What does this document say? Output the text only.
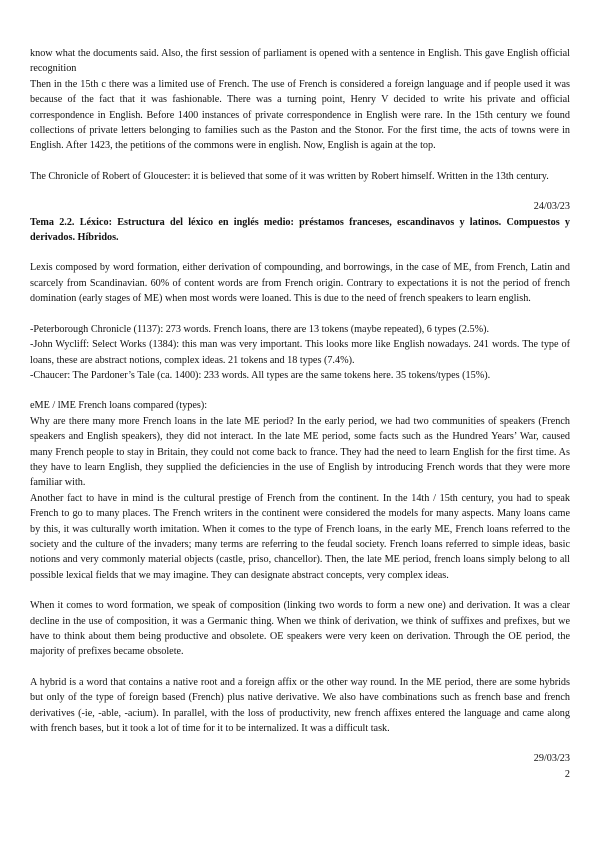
know what the documents said. Also, the first session of parliament is opened with a sentence in English. This gave English official recognition

Then in the 15th c there was a limited use of French. The use of French is considered a foreign language and if people used it was because of the fact that it was fashionable. There was a turning point, Henry V decided to write his private and official correspondence in English. Before 1400 instances of private correspondence in English were rare. In the 15th century we found collections of private letters belonging to families such as the Paston and the Stonor. For the first time, the acts of towns were in English. After 1423, the petitions of the commons were in english. Now, English is again at the top.

The Chronicle of Robert of Gloucester: it is believed that some of it was written by Robert himself. Written in the 13th century.

24/03/23

Tema 2.2. Léxico: Estructura del léxico en inglés medio: préstamos franceses, escandinavos y latinos. Compuestos y derivados. Híbridos.

Lexis composed by word formation, either derivation of compounding, and borrowings, in the case of ME, from French, Latin and scarcely from Scandinavian. 60% of content words are from French origin. Contrary to expectations it is not the period of french domination (early stages of ME) when most words were loaned. This is due to the need of french speakers to learn english.

-Peterborough Chronicle (1137): 273 words. French loans, there are 13 tokens (maybe repeated), 6 types (2.5%).

-John Wycliff: Select Works (1384): this man was very important. This looks more like English nowadays. 241 words. The type of loans, these are abstract notions, complex ideas. 21 tokens and 18 types (7.4%).

-Chaucer: The Pardoner’s Tale (ca. 1400): 233 words. All types are the same tokens here. 35 tokens/types (15%).

eME / lME French loans compared (types):

Why are there many more French loans in the late ME period? In the early period, we had two communities of speakers (French speakers and English speakers), they did not interact. In the late ME period, some facts such as the Hundred Years’ War, caused many French people to stay in Britain, they could not come back to france. They had the need to learn English for the first time. As they have to learn English, they supplied the deficiencies in the use of English by introducing French words that they were more familiar with.

Another fact to have in mind is the cultural prestige of French from the continent. In the 14th / 15th century, you had to speak French to go to many places. The French writers in the continent were considered the models for many aspects. Many loans came by this, it was culturally worth imitation. When it comes to the type of French loans, in the early ME, French loans referred to the society and the culture of the invaders; many terms are referring to the feudal society. French loans referred to simple ideas, basic notions and very commonly material objects (castle, priso, chancellor). Then, the late ME period, french loans simply belong to all possible lexical fields that we may imagine. They can designate abstract concepts, very complex ideas.

When it comes to word formation, we speak of composition (linking two words to form a new one) and derivation. It was a clear decline in the use of composition, it was a Germanic thing. When we think of derivation, we think of suffixes and prefixes, but we have to think about them being productive and obsolete. OE speakers were very keen on derivation. Through the OE period, the majority of prefixes became obsolete.

A hybrid is a word that contains a native root and a foreign affix or the other way round. In the ME period, there are some hybrids but only of the type of foreign based (French) plus native derivative. We also have combinations such as french base and french derivatives (-ie, -able, -acium). In parallel, with the loss of productivity, new french affixes entered the language and came along with french bases, but it took a lot of time for it to be internalized. It was a difficult task.

29/03/23

2
